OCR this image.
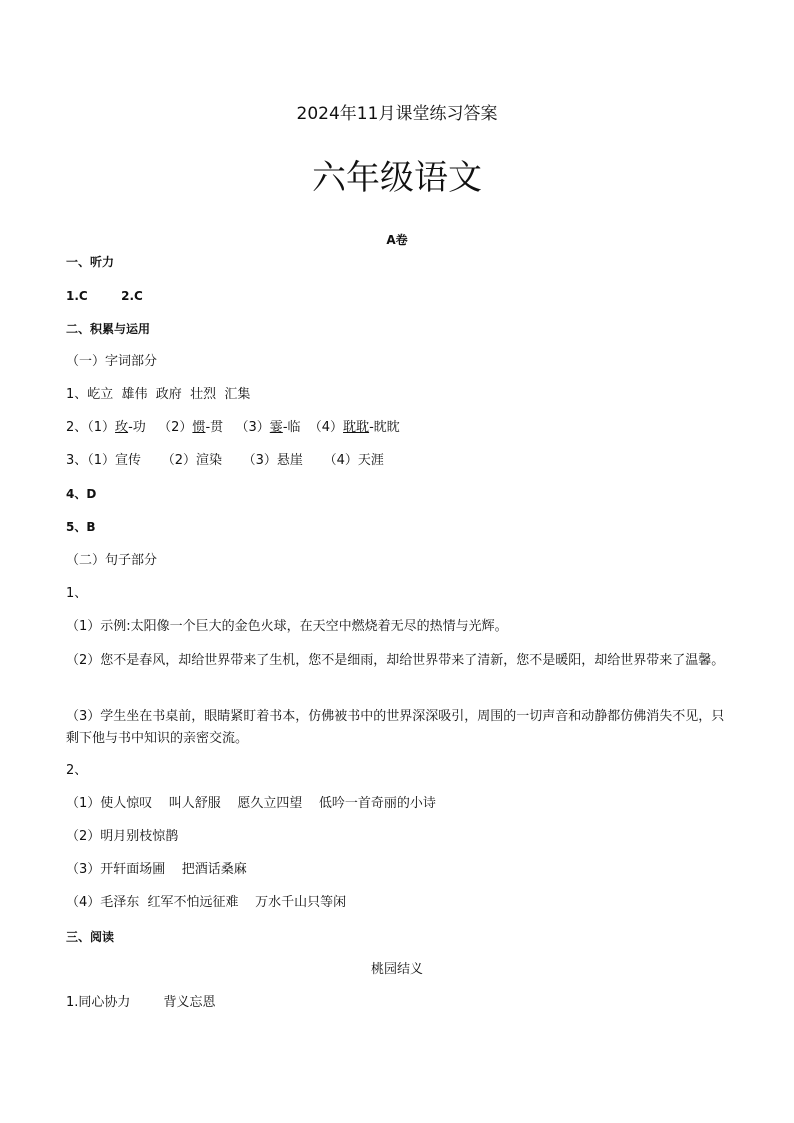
2024年11月课堂练习答案
六年级语文
A卷
一、听力
1.C        2.C
二、积累与运用
（一）字词部分
1、屹立  雄伟  政府  壮烈  汇集
2、（1）玫-功   （2）惯-贯   （3）霎-临  （4）耽耽-眈眈
3、（1）宣传     （2）渲染     （3）悬崖     （4）天涯
4、D
5、B
（二）句子部分
1、
（1）示例:太阳像一个巨大的金色火球，在天空中燃烧着无尽的热情与光辉。
（2）您不是春风，却给世界带来了生机，您不是细雨，却给世界带来了清新，您不是暖阳，却给世界带来了温馨。
（3）学生坐在书桌前，眼睛紧盯着书本，仿佛被书中的世界深深吸引，周围的一切声音和动静都仿佛消失不见，只剩下他与书中知识的亲密交流。
2、
（1）使人惊叹    叫人舒服    愿久立四望    低吟一首奇丽的小诗
（2）明月别枝惊鹊
（3）开轩面场圃    把酒话桑麻
（4）毛泽东  红军不怕远征难    万水千山只等闲
三、阅读
桃园结义
1.同心协力        背义忘恩
